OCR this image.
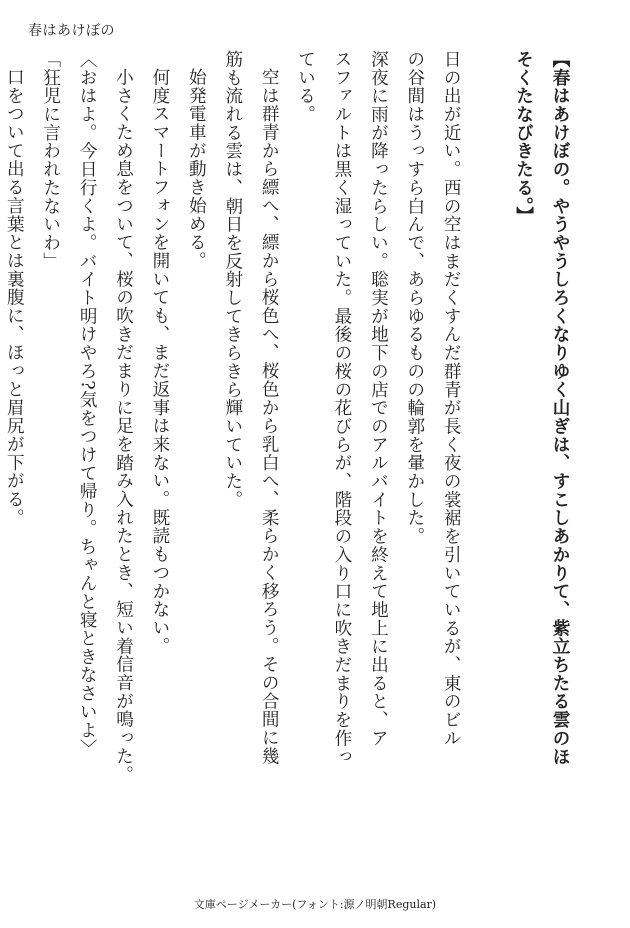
春はあけぼの
【春はあけぼの。やうやうしろくなりゆく山ぎは、すこしあかりて、紫立ちたる雲のほ
そくたなびきたる。】
日の出が近い。西の空はまだくすんだ群青が長く夜の裳裾を引いているが、東のビル
の谷間はうっすら白んで、あらゆるものの輪郭を暈かした。
深夜に雨が降ったらしい。聡実が地下の店でのアルバイトを終えて地上に出ると、ア
スファルトは黒く湿っていた。最後の桜の花びらが、階段の入り口に吹きだまりを作っ
ている。
空は群青から縹へ、縹から桜色へ、桜色から乳白へ、柔らかく移ろう。その合間に幾
筋も流れる雲は、朝日を反射してきらきら輝いていた。
始発電車が動き始める。
何度スマートフォンを開いても、まだ返事は来ない。既読もつかない。
小さくため息をついて、桜の吹きだまりに足を踏み入れたとき、短い着信音が鳴った。
〈おはよ。今日行くよ。バイト明けやろ?気をつけて帰り。ちゃんと寝ときなさいよ〉
「狂児に言われたないわ」
口をついて出る言葉とは裏腹に、ほっと眉尻が下がる。
文庫ページメーカー(フォント:源ノ明朝Regular)
